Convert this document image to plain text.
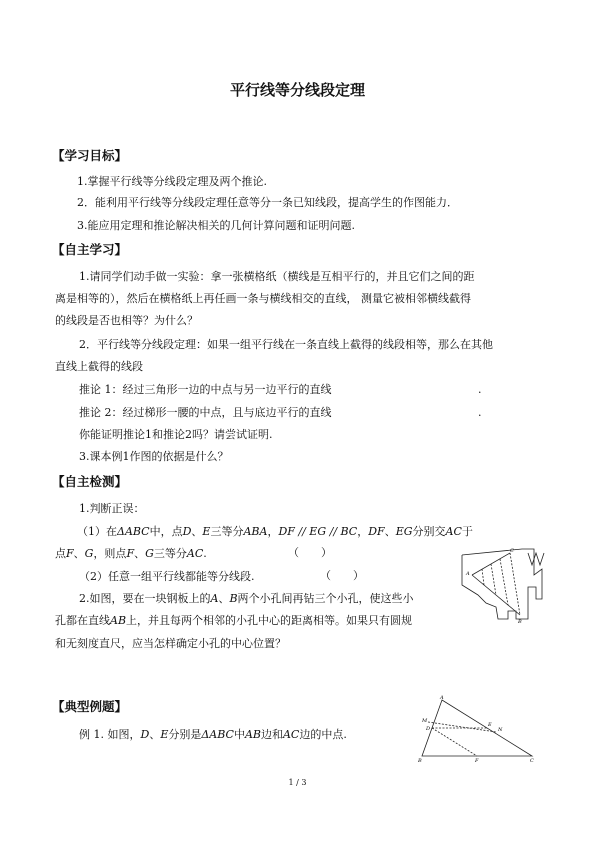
平行线等分线段定理
【学习目标】
1.掌握平行线等分线段定理及两个推论.
2．能利用平行线等分线段定理任意等分一条已知线段，提高学生的作图能力．
3.能应用定理和推论解决相关的几何计算问题和证明问题.
【自主学习】
1.请同学们动手做一实验：拿一张横格纸（横线是互相平行的，并且它们之间的距
离是相等的），然后在横格纸上再任画一条与横线相交的直线， 测量它被相邻横线截得
的线段是否也相等？为什么？
2．平行线等分线段定理：如果一组平行线在一条直线上截得的线段相等，那么在其他
直线上截得的线段
推论 1：经过三角形一边的中点与另一边平行的直线	.
推论 2：经过梯形一腰的中点，且与底边平行的直线	.
你能证明推论1和推论2吗？请尝试证明.
3.课本例1作图的依据是什么？
【自主检测】
1.判断正误：
（1）在ΔABC中，点D、E三等分ABA，DF // EG // BC，DF、EG分别交AC于
点F、G，则点F、G三等分AC.	（　　）
（2）任意一组平行线都能等分线段.	（　　）
2.如图，要在一块钢板上的A、B两个小孔间再钻三个小孔，使这些小
孔都在直线AB上，并且每两个相邻的小孔中心的距离相等。如果只有圆规
和无刻度直尺，应当怎样确定小孔的中心位置？
A
B
C
【典型例题】
例 1. 如图，D、E分别是ΔABC中AB边和AC边的中点.
A
B	C
M
D
E
N
F
1 / 3
